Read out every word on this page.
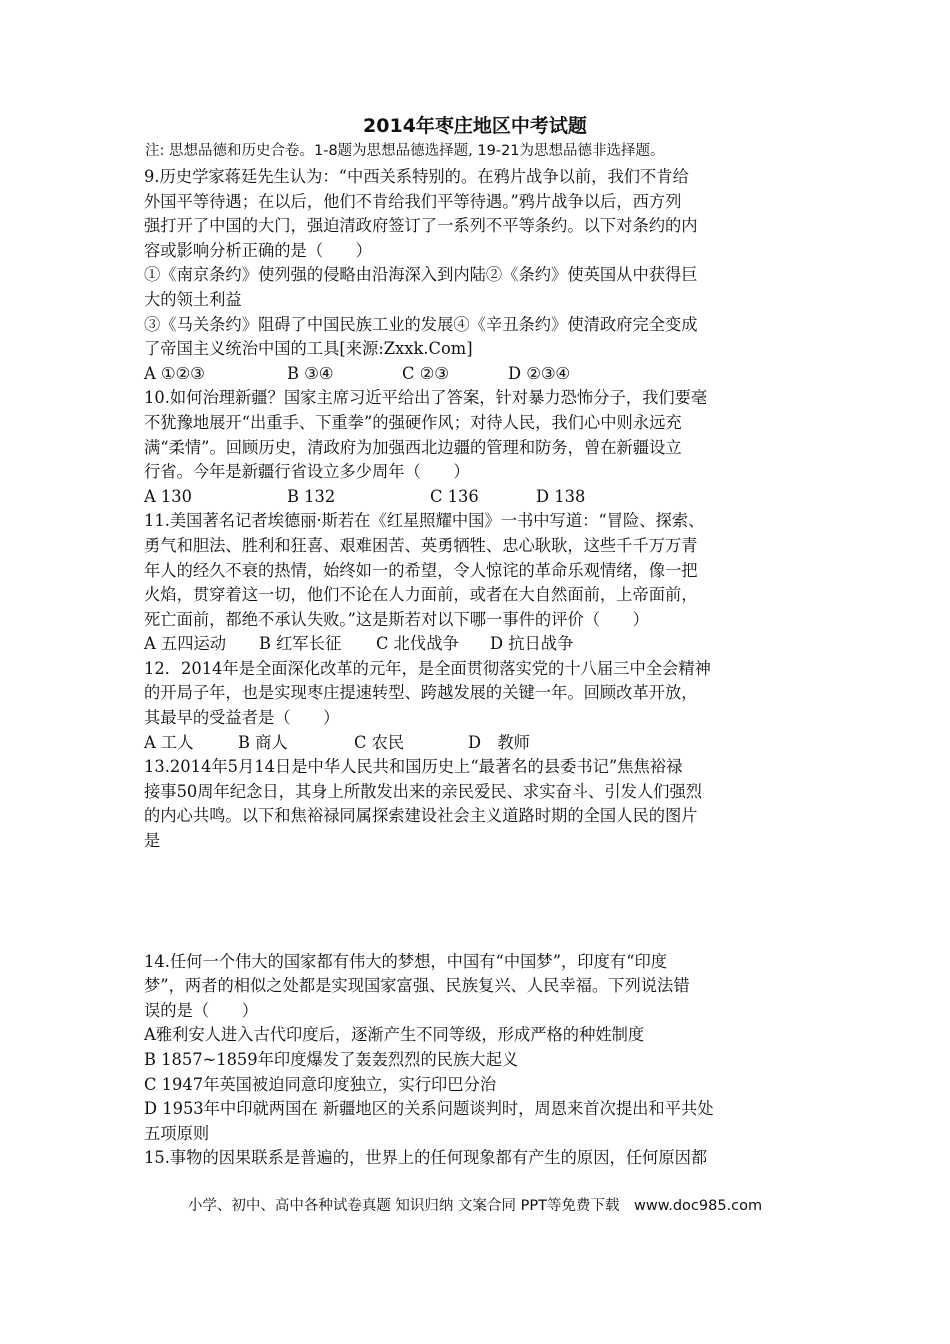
2014年枣庄地区中考试题
注: 思想品德和历史合卷。1-8题为思想品德选择题, 19-21为思想品德非选择题。
9.历史学家蒋廷先生认为：“中西关系特别的。在鸦片战争以前，我们不肯给
外国平等待遇；在以后，他们不肯给我们平等待遇。”鸦片战争以后，西方列
强打开了中国的大门，强迫清政府签订了一系列不平等条约。以下对条约的内
容或影响分析正确的是（　　）
①《南京条约》使列强的侵略由沿海深入到内陆②《条约》使英国从中获得巨
大的领土利益
③《马关条约》阻碍了中国民族工业的发展④《辛丑条约》使清政府完全变成
了帝国主义统治中国的工具[来源:Zxxk.Com]
A ①②③	B ③④	C ②③	D ②③④
10.如何治理新疆？国家主席习近平给出了答案，针对暴力恐怖分子，我们要毫
不犹豫地展开“出重手、下重拳”的强硬作风；对待人民，我们心中则永远充
满“柔情”。回顾历史，清政府为加强西北边疆的管理和防务，曾在新疆设立
行省。今年是新疆行省设立多少周年（　　）
A 130	B 132	C 136	D 138
11.美国著名记者埃德丽·斯若在《红星照耀中国》一书中写道：“冒险、探索、
勇气和胆法、胜利和狂喜、艰难困苦、英勇牺牲、忠心耿耿，这些千千万万青
年人的经久不衰的热情，始终如一的希望，令人惊诧的革命乐观情绪，像一把
火焰，贯穿着这一切，他们不论在人力面前，或者在大自然面前，上帝面前，
死亡面前，都绝不承认失败。”这是斯若对以下哪一事件的评价（　　）
A 五四运动 B 红军长征 C 北伐战争 D 抗日战争
12．2014年是全面深化改革的元年，是全面贯彻落实党的十八届三中全会精神
的开局子年，也是实现枣庄提速转型、跨越发展的关键一年。回顾改革开放，
其最早的受益者是（　　）
A 工人	B 商人	C 农民	D　教师
13.2014年5月14日是中华人民共和国历史上“最著名的县委书记”焦焦裕禄
接事50周年纪念日，其身上所散发出来的亲民爱民、求实奋斗、引发人们强烈
的内心共鸣。以下和焦裕禄同属探索建设社会主义道路时期的全国人民的图片
是
14.任何一个伟大的国家都有伟大的梦想，中国有“中国梦”，印度有“印度
梦”，两者的相似之处都是实现国家富强、民族复兴、人民幸福。下列说法错
误的是（　　）
A雅利安人进入古代印度后，逐渐产生不同等级，形成严格的种姓制度
B 1857~1859年印度爆发了轰轰烈烈的民族大起义
C 1947年英国被迫同意印度独立，实行印巴分治
D 1953年中印就两国在 新疆地区的关系问题谈判时，周恩来首次提出和平共处
五项原则
15.事物的因果联系是普遍的，世界上的任何现象都有产生的原因，任何原因都
小学、初中、高中各种试卷真题 知识归纳 文案合同 PPT等免费下载　www.doc985.com
